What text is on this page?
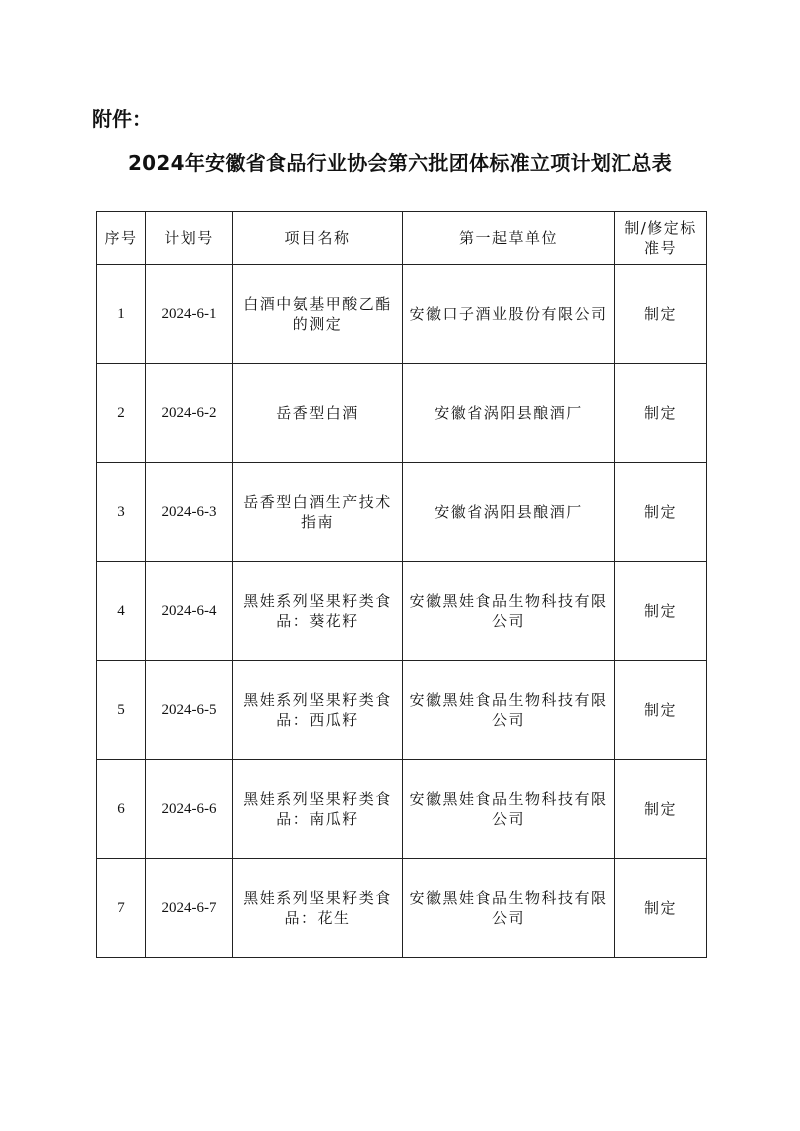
附件：
2024年安徽省食品行业协会第六批团体标准立项计划汇总表
序号	计划号	项目名称	第一起草单位	制/修定标准号
1	2024-6-1	白酒中氨基甲酸乙酯的测定	安徽口子酒业股份有限公司	制定
2	2024-6-2	岳香型白酒	安徽省涡阳县酿酒厂	制定
3	2024-6-3	岳香型白酒生产技术指南	安徽省涡阳县酿酒厂	制定
4	2024-6-4	黑娃系列坚果籽类食品：葵花籽	安徽黑娃食品生物科技有限公司	制定
5	2024-6-5	黑娃系列坚果籽类食品：西瓜籽	安徽黑娃食品生物科技有限公司	制定
6	2024-6-6	黑娃系列坚果籽类食品：南瓜籽	安徽黑娃食品生物科技有限公司	制定
7	2024-6-7	黑娃系列坚果籽类食品：花生	安徽黑娃食品生物科技有限公司	制定
